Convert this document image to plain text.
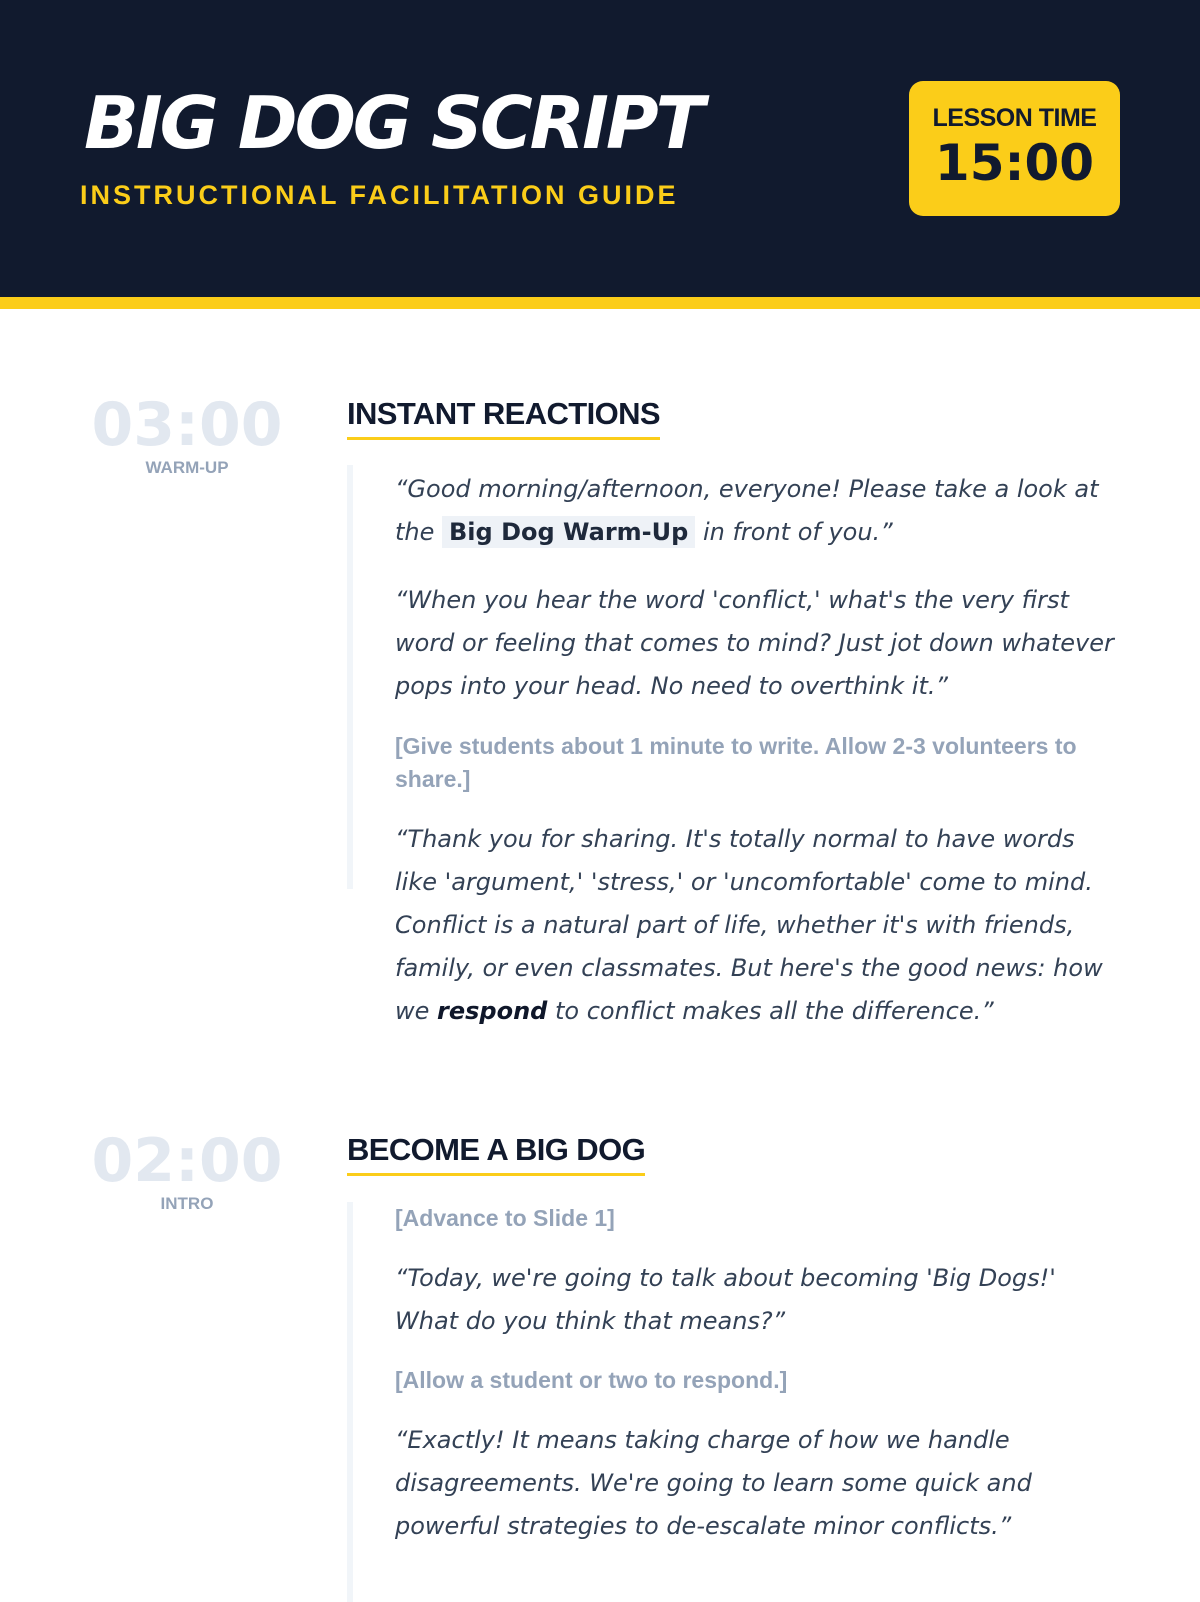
BIG DOG SCRIPT
INSTRUCTIONAL FACILITATION GUIDE
LESSON TIME
15:00
03:00
WARM-UP
INSTANT REACTIONS

“Good morning/afternoon, everyone! Please take a look at the Big Dog Warm-Up in front of you.”

“When you hear the word 'conflict,' what's the very first word or feeling that comes to mind? Just jot down whatever pops into your head. No need to overthink it.”

[Give students about 1 minute to write. Allow 2-3 volunteers to share.]

“Thank you for sharing. It's totally normal to have words like 'argument,' 'stress,' or 'uncomfortable' come to mind. Conflict is a natural part of life, whether it's with friends, family, or even classmates. But here's the good news: how we respond to conflict makes all the difference.”

02:00
INTRO
BECOME A BIG DOG

[Advance to Slide 1]

“Today, we're going to talk about becoming 'Big Dogs!' What do you think that means?”

[Allow a student or two to respond.]

“Exactly! It means taking charge of how we handle disagreements. We're going to learn some quick and powerful strategies to de-escalate minor conflicts.”
